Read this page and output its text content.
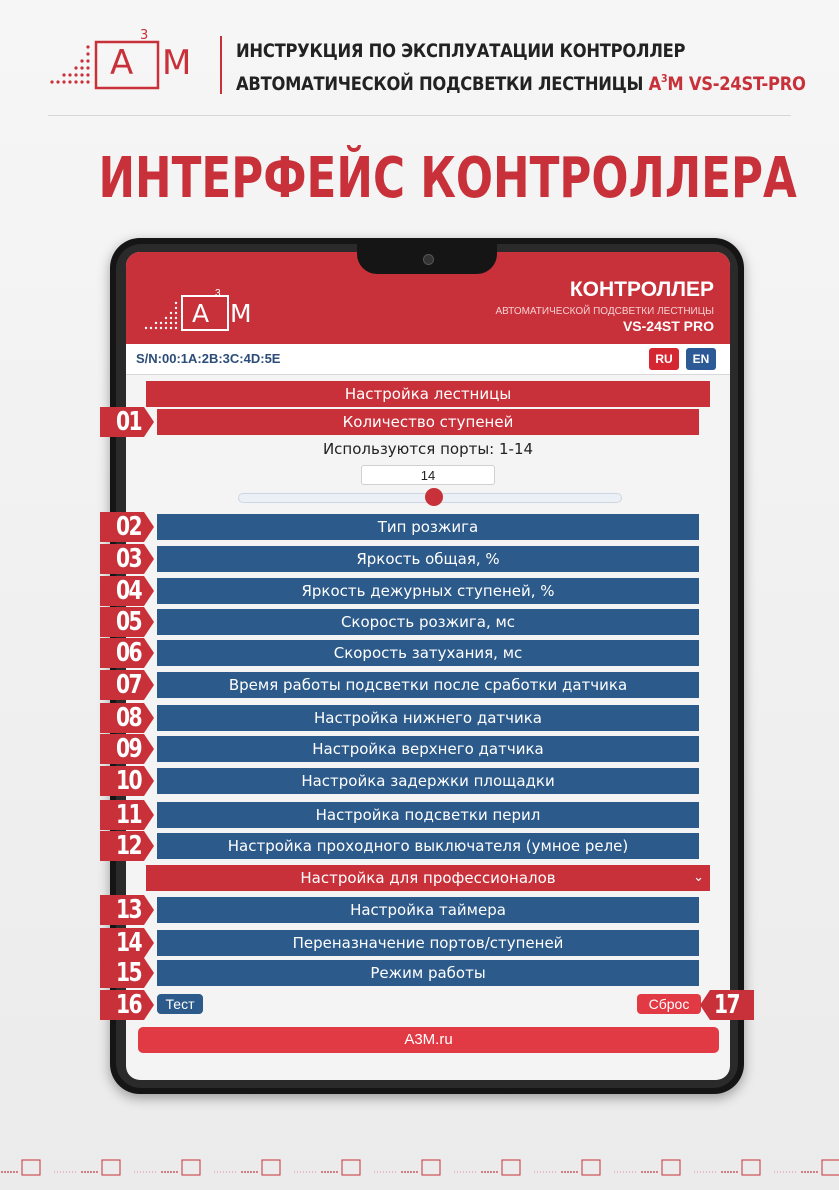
A
3
M ИНСТРУКЦИЯ ПО ЭКСПЛУАТАЦИИ КОНТРОЛЛЕР
АВТОМАТИЧЕСКОЙ ПОДСВЕТКИ ЛЕСТНИЦЫ $A^3M$ VS-24ST-PRO
ИНТЕРФЕЙС КОНТРОЛЛЕРА
A
3
M
КОНТРОЛЛЕР
АВТОМАТИЧЕСКОЙ ПОДСВЕТКИ ЛЕСТНИЦЫ
VS-24ST PRO
S/N:00:1A:2B:3C:4D:5E	RU	EN
Настройка лестницы
Количество ступеней
Используются порты: 1-14
14
Тип розжига
Яркость общая, %
Яркость дежурных ступеней, %
Скорость розжига, мс
Скорость затухания, мс
Время работы подсветки после сработки датчика
Настройка нижнего датчика
Настройка верхнего датчика
Настройка задержки площадки
Настройка подсветки перил
Настройка проходного выключателя (умное реле)
Настройка для профессионалов	⌄
Настройка таймера
Переназначение портов/ступеней
Режим работы
Тест	Сброс
A3M.ru
01
02
03
04
05
06
07
08
09
10
11
12
13
14
15
16	17
